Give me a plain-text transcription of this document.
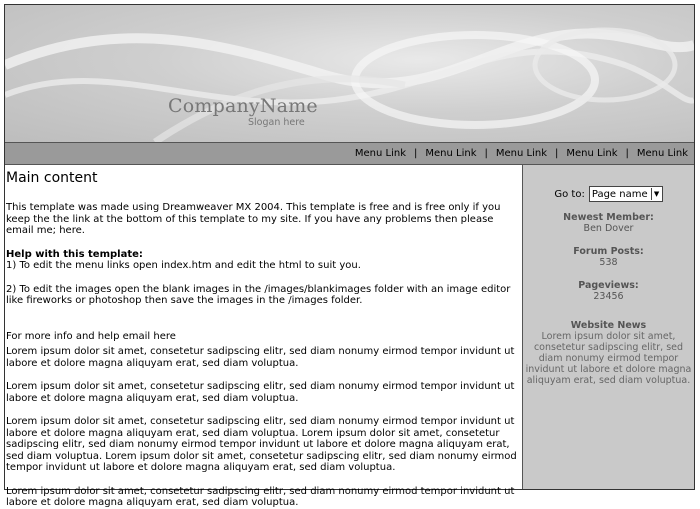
CompanyName
Slogan here
Menu Link | Menu Link | Menu Link | Menu Link | Menu Link
Main content

This template was made using Dreamweaver MX 2004. This template is free and is free only if you keep the the link at the bottom of this template to my site. If you have any problems then please email me; here.

Help with this template:
1) To edit the menu links open index.htm and edit the html to suit you.

2) To edit the images open the blank images in the /images/blankimages folder with an image editor like fireworks or photoshop then save the images in the /images folder.

For more info and help email here

Lorem ipsum dolor sit amet, consetetur sadipscing elitr, sed diam nonumy eirmod tempor invidunt ut labore et dolore magna aliquyam erat, sed diam voluptua.

Lorem ipsum dolor sit amet, consetetur sadipscing elitr, sed diam nonumy eirmod tempor invidunt ut labore et dolore magna aliquyam erat, sed diam voluptua.

Lorem ipsum dolor sit amet, consetetur sadipscing elitr, sed diam nonumy eirmod tempor invidunt ut labore et dolore magna aliquyam erat, sed diam voluptua. Lorem ipsum dolor sit amet, consetetur sadipscing elitr, sed diam nonumy eirmod tempor invidunt ut labore et dolore magna aliquyam erat, sed diam voluptua. Lorem ipsum dolor sit amet, consetetur sadipscing elitr, sed diam nonumy eirmod tempor invidunt ut labore et dolore magna aliquyam erat, sed diam voluptua.

Lorem ipsum dolor sit amet, consetetur sadipscing elitr, sed diam nonumy eirmod tempor invidunt ut labore et dolore magna aliquyam erat, sed diam voluptua.

Go to: Page name ▼
Newest Member:
Ben Dover
Forum Posts:
538
Pageviews:
23456
Website News
Lorem ipsum dolor sit amet, consetetur sadipscing elitr, sed diam nonumy eirmod tempor invidunt ut labore et dolore magna aliquyam erat, sed diam voluptua.
